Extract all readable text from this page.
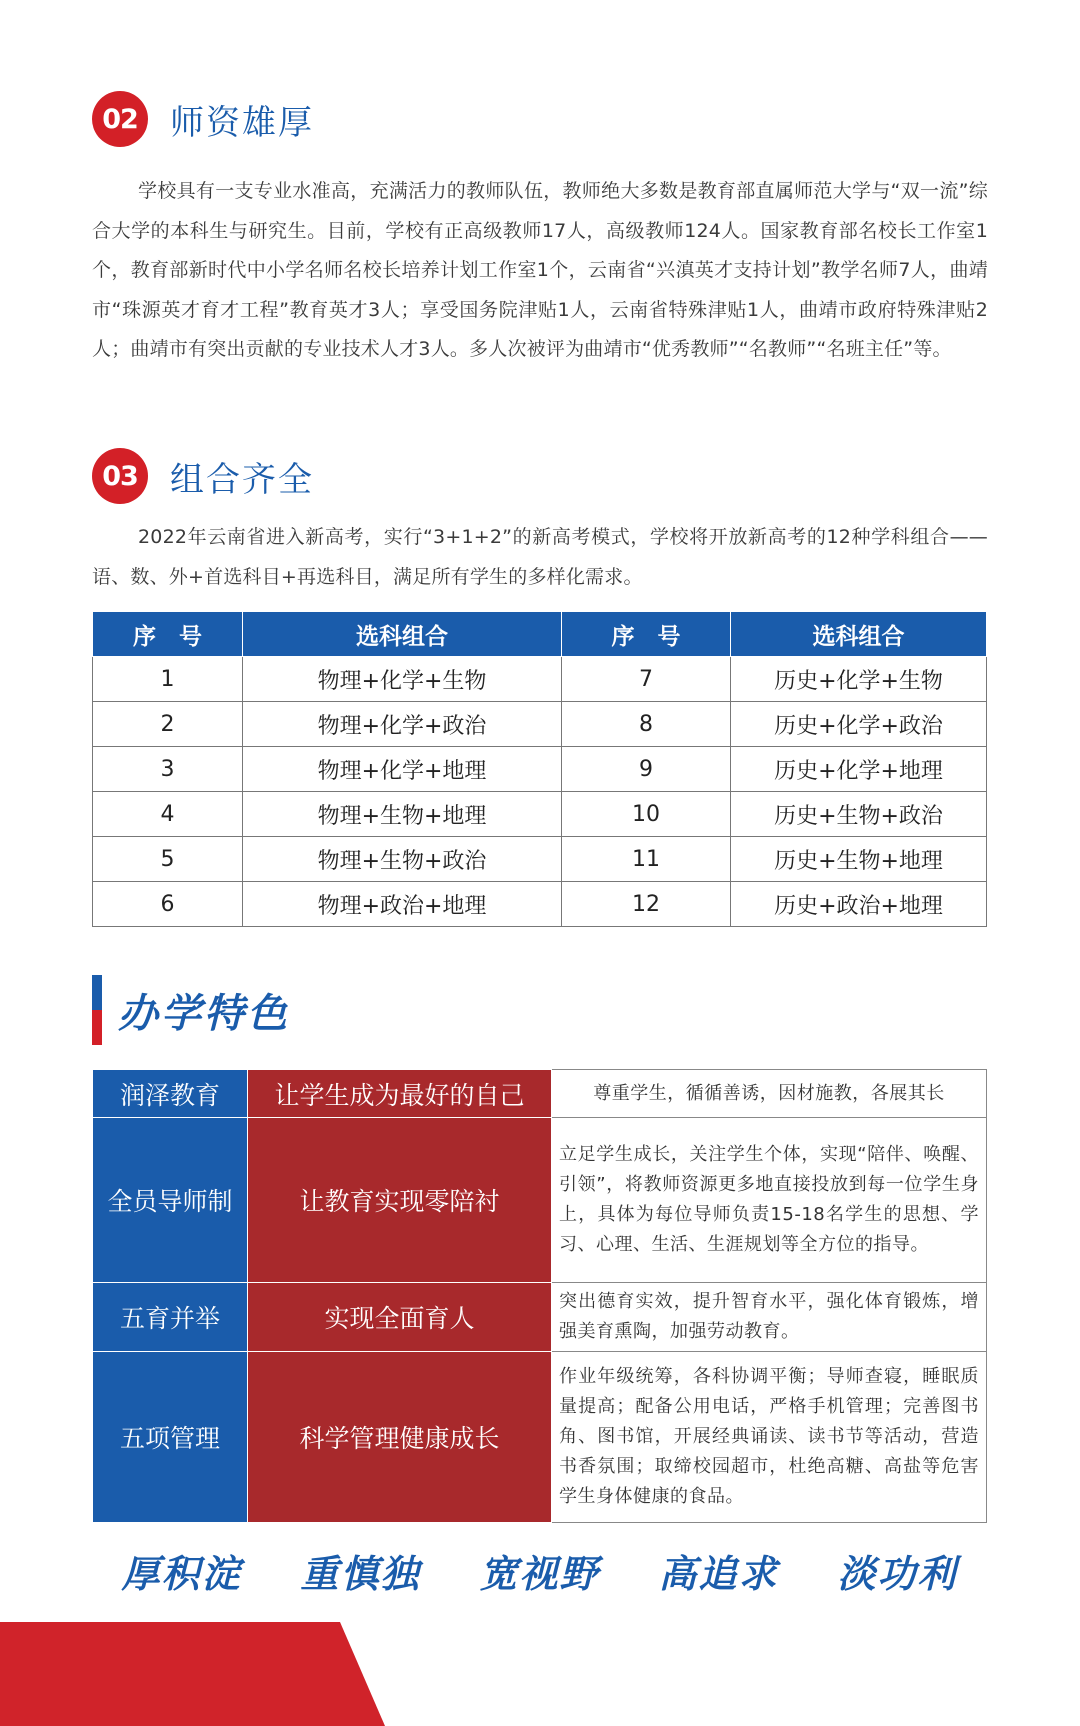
02 师资雄厚

学校具有一支专业水准高，充满活力的教师队伍，教师绝大多数是教育部直属师范大学与“双一流”综合大学的本科生与研究生。目前，学校有正高级教师17人，高级教师124人。国家教育部名校长工作室1个，教育部新时代中小学名师名校长培养计划工作室1个，云南省“兴滇英才支持计划”教学名师7人，曲靖市“珠源英才育才工程”教育英才3人；享受国务院津贴1人，云南省特殊津贴1人，曲靖市政府特殊津贴2人；曲靖市有突出贡献的专业技术人才3人。多人次被评为曲靖市“优秀教师”“名教师”“名班主任”等。

03 组合齐全

2022年云南省进入新高考，实行“3+1+2”的新高考模式，学校将开放新高考的12种学科组合——语、数、外+首选科目+再选科目，满足所有学生的多样化需求。

序　号	选科组合	序　号	选科组合
1	物理+化学+生物	7	历史+化学+生物
2	物理+化学+政治	8	历史+化学+政治
3	物理+化学+地理	9	历史+化学+地理
4	物理+生物+地理	10	历史+生物+政治
5	物理+生物+政治	11	历史+生物+地理
6	物理+政治+地理	12	历史+政治+地理
办学特色
润泽教育	让学生成为最好的自己	尊重学生，循循善诱，因材施教，各展其长
全员导师制	让教育实现零陪衬	立足学生成长，关注学生个体，实现“陪伴、唤醒、引领”，将教师资源更多地直接投放到每一位学生身上，具体为每位导师负责15-18名学生的思想、学习、心理、生活、生涯规划等全方位的指导。
五育并举	实现全面育人	突出德育实效，提升智育水平，强化体育锻炼，增强美育熏陶，加强劳动教育。
五项管理	科学管理健康成长	作业年级统筹，各科协调平衡；导师查寝，睡眠质量提高；配备公用电话，严格手机管理；完善图书角、图书馆，开展经典诵读、读书节等活动，营造书香氛围；取缔校园超市，杜绝高糖、高盐等危害学生身体健康的食品。
厚积淀 重慎独 宽视野 高追求 淡功利
